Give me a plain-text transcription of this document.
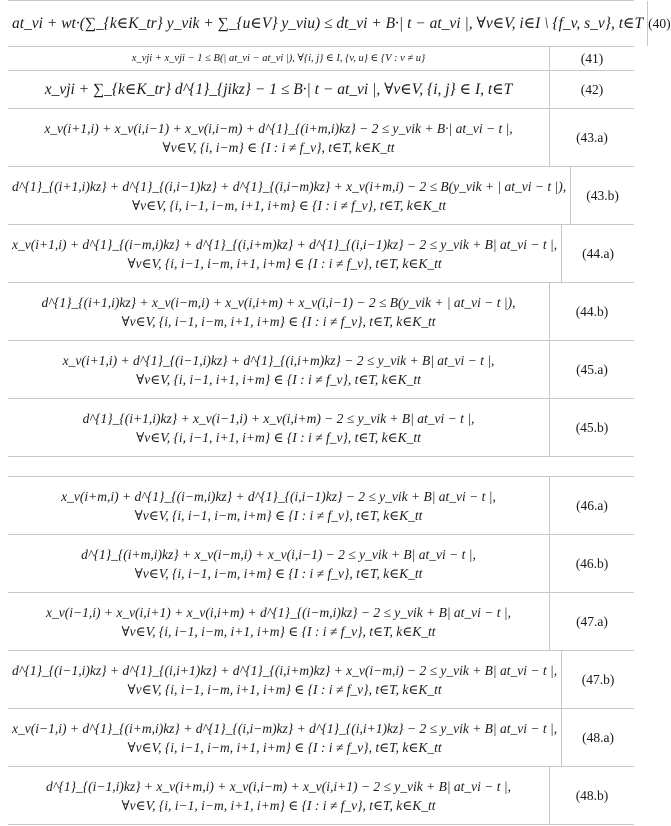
at_vi + wt·(∑_{k∈K_tr} y_vik + ∑_{u∈V} y_viu) ≤ dt_vi + B·| t − at_vi |, ∀v∈V, i∈I \ {f_v, s_v}, t∈T (40)
x_vji + x_vji − 1 ≤ B(| at_vi − at_vi |), ∀{i, j} ∈ I, {v, u} ∈ {V : v ≠ u}	(41)
x_vji + ∑_{k∈K_tr} d^{1}_{jikz} − 1 ≤ B·| t − at_vi |, ∀v∈V, {i, j} ∈ I, t∈T	(42)
x_v(i+1,i) + x_v(i,i−1) + x_v(i,i−m) + d^{1}_{(i+m,i)kz} − 2 ≤ y_vik + B·| at_vi − t |,
∀v∈V, {i, i−m} ∈ {I : i ≠ f_v}, t∈T, k∈K_tt
(43.a)
d^{1}_{(i+1,i)kz} + d^{1}_{(i,i−1)kz} + d^{1}_{(i,i−m)kz} + x_v(i+m,i) − 2 ≤ B(y_vik + | at_vi − t |),
∀v∈V, {i, i−1, i−m, i+1, i+m} ∈ {I : i ≠ f_v}, t∈T, k∈K_tt
(43.b)
x_v(i+1,i) + d^{1}_{(i−m,i)kz} + d^{1}_{(i,i+m)kz} + d^{1}_{(i,i−1)kz} − 2 ≤ y_vik + B| at_vi − t |,
∀v∈V, {i, i−1, i−m, i+1, i+m} ∈ {I : i ≠ f_v}, t∈T, k∈K_tt
(44.a)
d^{1}_{(i+1,i)kz} + x_v(i−m,i) + x_v(i,i+m) + x_v(i,i−1) − 2 ≤ B(y_vik + | at_vi − t |),
∀v∈V, {i, i−1, i−m, i+1, i+m} ∈ {I : i ≠ f_v}, t∈T, k∈K_tt
(44.b)
x_v(i+1,i) + d^{1}_{(i−1,i)kz} + d^{1}_{(i,i+m)kz} − 2 ≤ y_vik + B| at_vi − t |,
∀v∈V, {i, i−1, i+1, i+m} ∈ {I : i ≠ f_v}, t∈T, k∈K_tt
(45.a)
d^{1}_{(i+1,i)kz} + x_v(i−1,i) + x_v(i,i+m) − 2 ≤ y_vik + B| at_vi − t |,
∀v∈V, {i, i−1, i+1, i+m} ∈ {I : i ≠ f_v}, t∈T, k∈K_tt
(45.b)
x_v(i+m,i) + d^{1}_{(i−m,i)kz} + d^{1}_{(i,i−1)kz} − 2 ≤ y_vik + B| at_vi − t |,
∀v∈V, {i, i−1, i−m, i+m} ∈ {I : i ≠ f_v}, t∈T, k∈K_tt
(46.a)
d^{1}_{(i+m,i)kz} + x_v(i−m,i) + x_v(i,i−1) − 2 ≤ y_vik + B| at_vi − t |,
∀v∈V, {i, i−1, i−m, i+m} ∈ {I : i ≠ f_v}, t∈T, k∈K_tt
(46.b)
x_v(i−1,i) + x_v(i,i+1) + x_v(i,i+m) + d^{1}_{(i−m,i)kz} − 2 ≤ y_vik + B| at_vi − t |,
∀v∈V, {i, i−1, i−m, i+1, i+m} ∈ {I : i ≠ f_v}, t∈T, k∈K_tt
(47.a)
d^{1}_{(i−1,i)kz} + d^{1}_{(i,i+1)kz} + d^{1}_{(i,i+m)kz} + x_v(i−m,i) − 2 ≤ y_vik + B| at_vi − t |,
∀v∈V, {i, i−1, i−m, i+1, i+m} ∈ {I : i ≠ f_v}, t∈T, k∈K_tt
(47.b)
x_v(i−1,i) + d^{1}_{(i+m,i)kz} + d^{1}_{(i,i−m)kz} + d^{1}_{(i,i+1)kz} − 2 ≤ y_vik + B| at_vi − t |,
∀v∈V, {i, i−1, i−m, i+1, i+m} ∈ {I : i ≠ f_v}, t∈T, k∈K_tt
(48.a)
d^{1}_{(i−1,i)kz} + x_v(i+m,i) + x_v(i,i−m) + x_v(i,i+1) − 2 ≤ y_vik + B| at_vi − t |,
∀v∈V, {i, i−1, i−m, i+1, i+m} ∈ {I : i ≠ f_v}, t∈T, k∈K_tt
(48.b)
